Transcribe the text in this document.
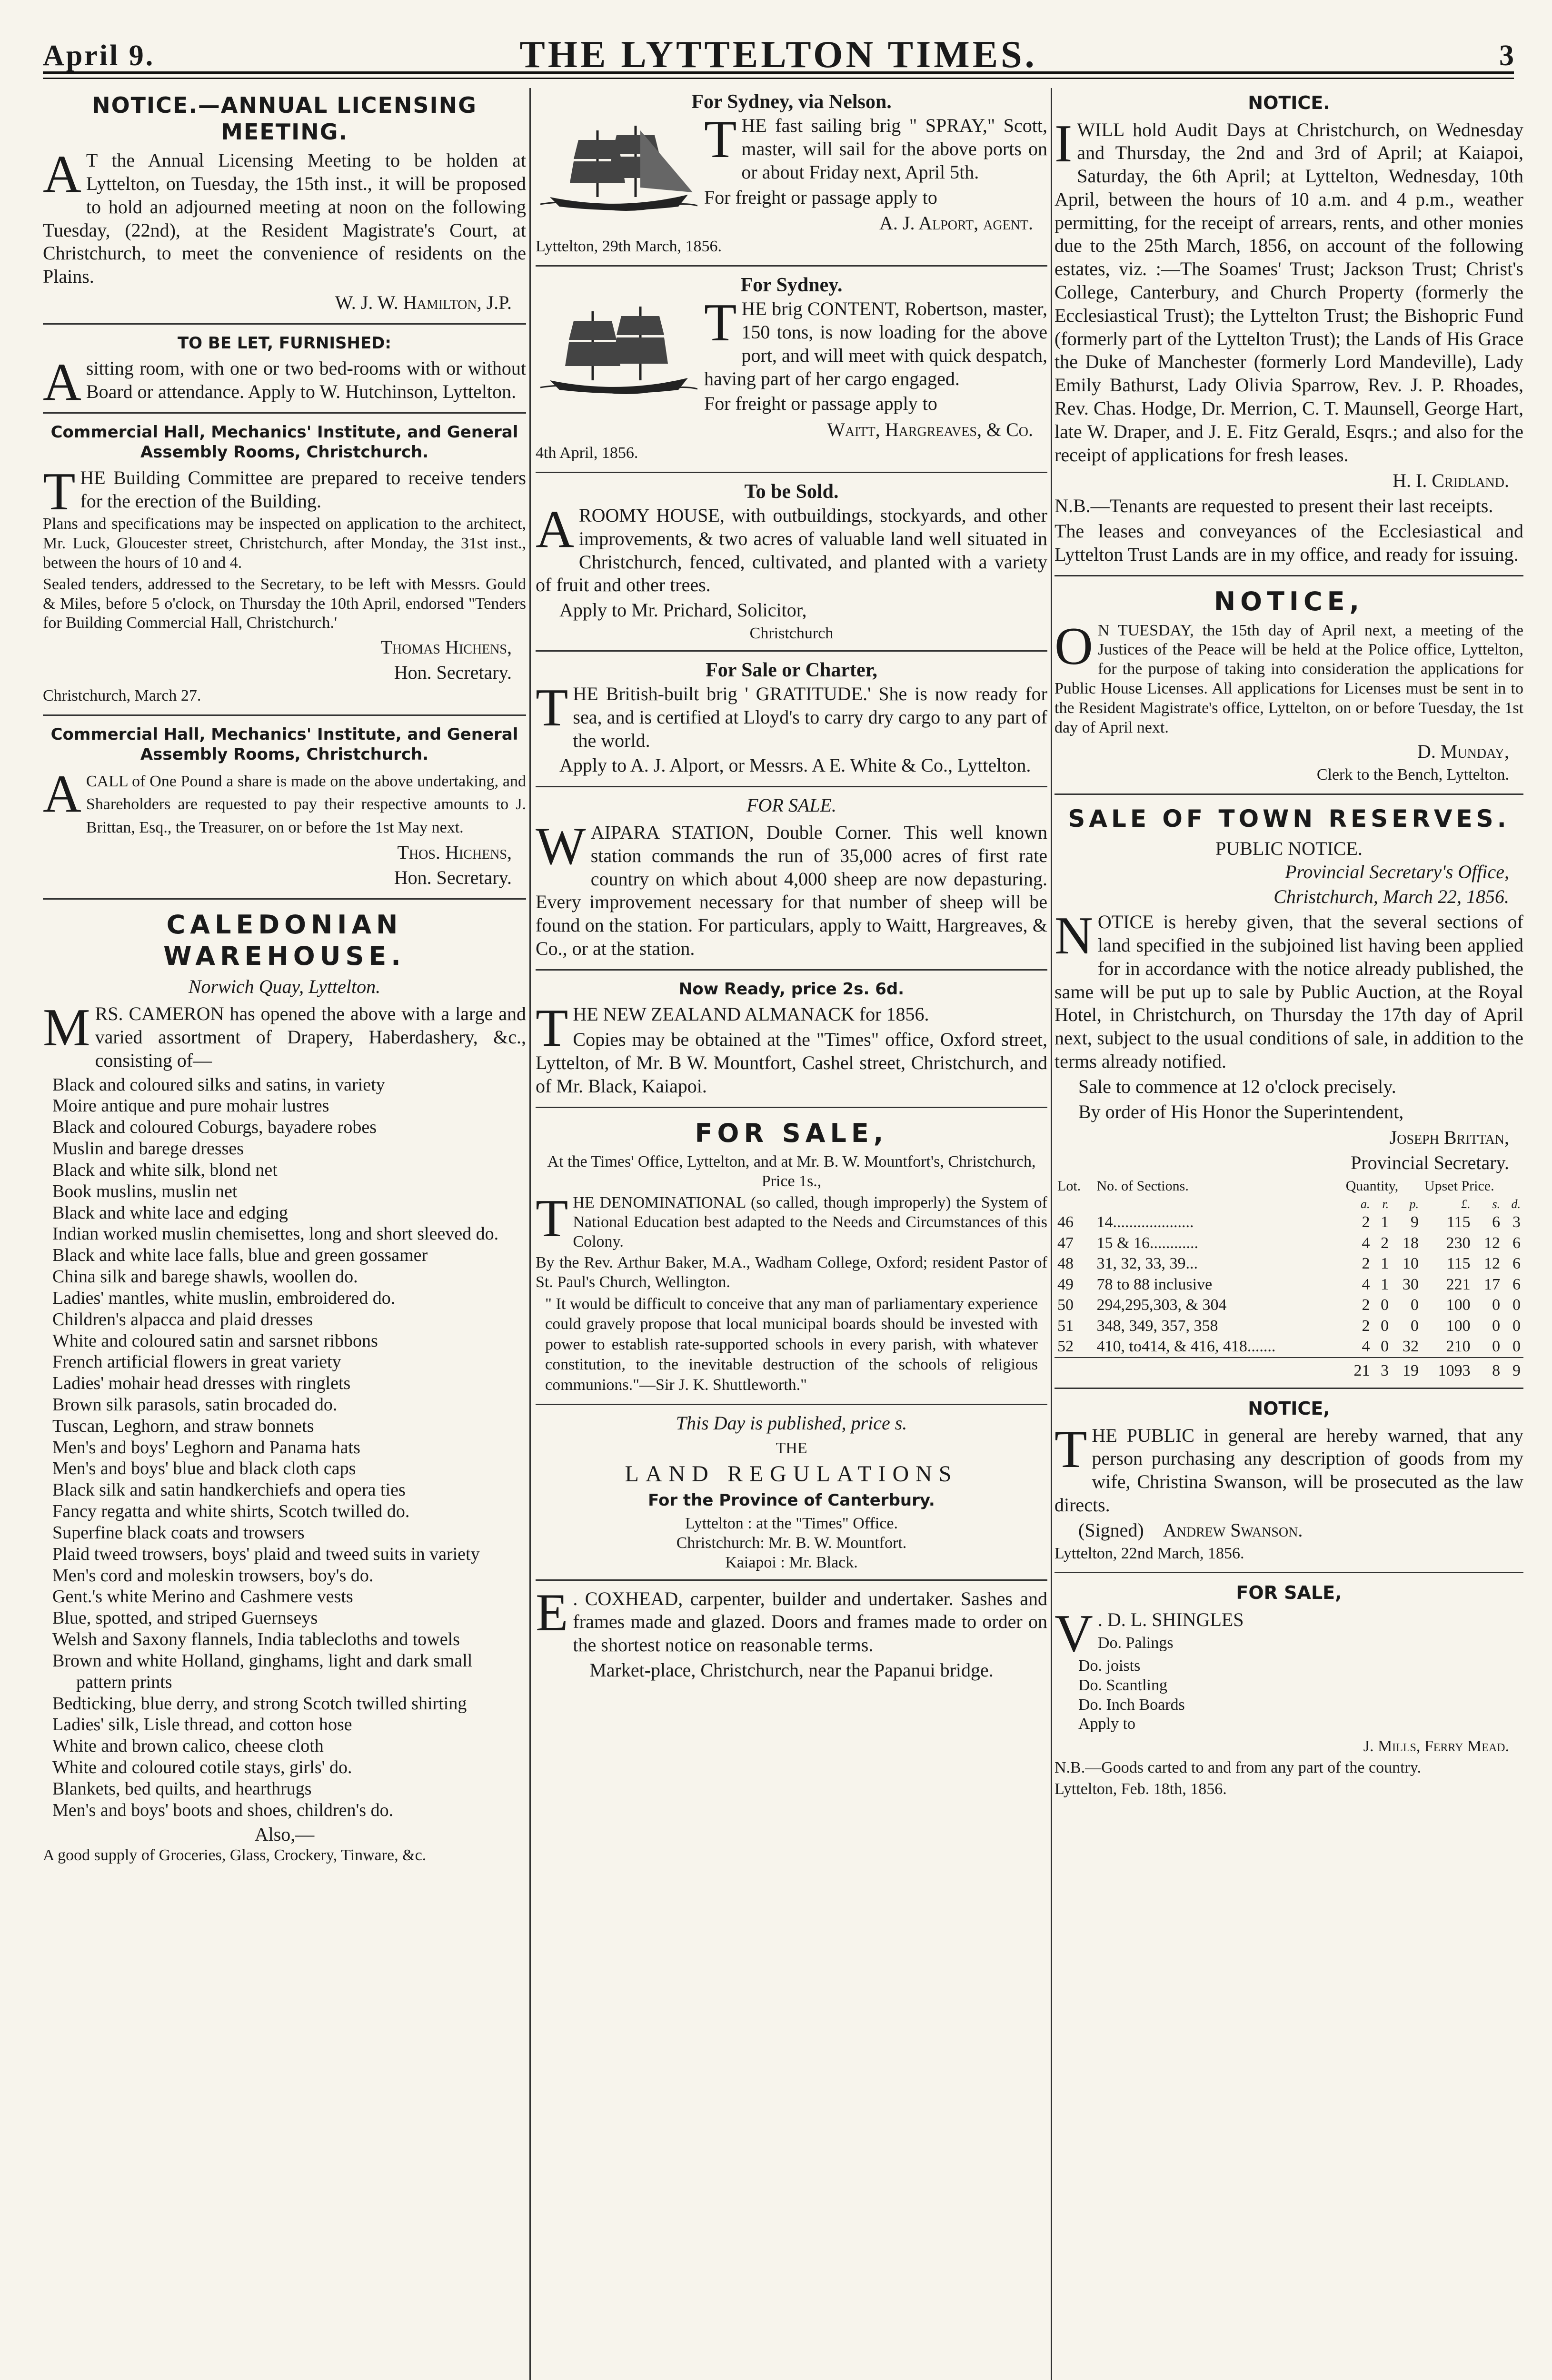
April 9.	THE LYTTELTON TIMES.	3
NOTICE.—ANNUAL LICENSING MEETING.

A T the Annual Licensing Meeting to be holden at Lyttelton, on Tuesday, the 15th inst., it will be proposed to hold an adjourned meeting at noon on the following Tuesday, (22nd), at the Resident Magistrate's Court, at Christchurch, to meet the convenience of residents on the Plains.

W. J. W. Hamilton, J.P.
TO BE LET, FURNISHED:

Asitting room, with one or two bed-rooms with or without Board or attendance. Apply to W. Hutchinson, Lyttelton.

Commercial Hall, Mechanics' Institute, and General Assembly Rooms, Christchurch.

THE Building Committee are prepared to receive tenders for the erection of the Building.

Plans and specifications may be inspected on application to the architect, Mr. Luck, Gloucester street, Christchurch, after Monday, the 31st inst., between the hours of 10 and 4.

Sealed tenders, addressed to the Secretary, to be left with Messrs. Gould & Miles, before 5 o'clock, on Thursday the 10th April, endorsed "Tenders for Building Commercial Hall, Christchurch.'

Thomas Hichens,
Hon. Secretary.

Christchurch, March 27.

Commercial Hall, Mechanics' Institute, and General Assembly Rooms, Christchurch.

ACALL of One Pound a share is made on the above undertaking, and Shareholders are requested to pay their respective amounts to J. Brittan, Esq., the Treasurer, on or before the 1st May next.

Thos. Hichens,
Hon. Secretary.
CALEDONIAN WAREHOUSE.
Norwich Quay, Lyttelton.

MRS. CAMERON has opened the above with a large and varied assortment of Drapery, Haberdashery, &c., consisting of—

Black and coloured silks and satins, in variety
Moire antique and pure mohair lustres
Black and coloured Coburgs, bayadere robes
Muslin and barege dresses
Black and white silk, blond net
Book muslins, muslin net
Black and white lace and edging
Indian worked muslin chemisettes, long and short sleeved do.
Black and white lace falls, blue and green gossamer
China silk and barege shawls, woollen do.
Ladies' mantles, white muslin, embroidered do.
Children's alpacca and plaid dresses
White and coloured satin and sarsnet ribbons
French artificial flowers in great variety
Ladies' mohair head dresses with ringlets
Brown silk parasols, satin brocaded do.
Tuscan, Leghorn, and straw bonnets
Men's and boys' Leghorn and Panama hats
Men's and boys' blue and black cloth caps
Black silk and satin handkerchiefs and opera ties
Fancy regatta and white shirts, Scotch twilled do.
Superfine black coats and trowsers
Plaid tweed trowsers, boys' plaid and tweed suits in variety
Men's cord and moleskin trowsers, boy's do.
Gent.'s white Merino and Cashmere vests
Blue, spotted, and striped Guernseys
Welsh and Saxony flannels, India tablecloths and towels
Brown and white Holland, ginghams, light and dark small pattern prints
Bedticking, blue derry, and strong Scotch twilled shirting
Ladies' silk, Lisle thread, and cotton hose
White and brown calico, cheese cloth
White and coloured cotile stays, girls' do.
Blankets, bed quilts, and hearthrugs
Men's and boys' boots and shoes, children's do.
Also,—

A good supply of Groceries, Glass, Crockery, Tinware, &c.

For Sydney, via Nelson.

THE fast sailing brig " SPRAY," Scott, master, will sail for the above ports on or about Friday next, April 5th.

For freight or passage apply to

A. J. Alport, agent.

Lyttelton, 29th March, 1856.

For Sydney.

THE brig CONTENT, Robertson, master, 150 tons, is now loading for the above port, and will meet with quick despatch, having part of her cargo engaged.

For freight or passage apply to

Waitt, Hargreaves, & Co.

4th April, 1856.

To be Sold.

AROOMY HOUSE, with outbuildings, stockyards, and other improvements, & two acres of valuable land well situated in Christchurch, fenced, cultivated, and planted with a variety of fruit and other trees.

Apply to Mr. Prichard, Solicitor,

Christchurch
For Sale or Charter,

THE British-built brig ' GRATITUDE.' She is now ready for sea, and is certified at Lloyd's to carry dry cargo to any part of the world.

Apply to A. J. Alport, or Messrs. A E. White & Co., Lyttelton.

FOR SALE.

WAIPARA STATION, Double Corner. This well known station commands the run of 35,000 acres of first rate country on which about 4,000 sheep are now depasturing. Every improvement necessary for that number of sheep will be found on the station. For particulars, apply to Waitt, Hargreaves, & Co., or at the station.

Now Ready, price 2s. 6d.

THE NEW ZEALAND ALMANACK for 1856.

Copies may be obtained at the "Times" office, Oxford street, Lyttelton, of Mr. B W. Mountfort, Cashel street, Christchurch, and of Mr. Black, Kaiapoi.

FOR SALE,

At the Times' Office, Lyttelton, and at Mr. B. W. Mountfort's, Christchurch, Price 1s.,

THE DENOMINATIONAL (so called, though improperly) the System of National Education best adapted to the Needs and Circumstances of this Colony.

By the Rev. Arthur Baker, M.A., Wadham College, Oxford; resident Pastor of St. Paul's Church, Wellington.

" It would be difficult to conceive that any man of parliamentary experience could gravely propose that local municipal boards should be invested with power to establish rate-supported schools in every parish, with whatever constitution, to the inevitable destruction of the schools of religious communions."—Sir J. K. Shuttleworth."

This Day is published, price s.
THE
LAND REGULATIONS
For the Province of Canterbury.
Lyttelton : at the "Times" Office.
Christchurch: Mr. B. W. Mountfort.
Kaiapoi : Mr. Black.

E . COXHEAD, carpenter, builder and undertaker. Sashes and frames made and glazed. Doors and frames made to order on the shortest notice on reasonable terms.

Market-place, Christchurch, near the Papanui bridge.

NOTICE.

IWILL hold Audit Days at Christchurch, on Wednesday and Thursday, the 2nd and 3rd of April; at Kaiapoi, Saturday, the 6th April; at Lyttelton, Wednesday, 10th April, between the hours of 10 a.m. and 4 p.m., weather permitting, for the receipt of arrears, rents, and other monies due to the 25th March, 1856, on account of the following estates, viz. :—The Soames' Trust; Jackson Trust; Christ's College, Canterbury, and Church Property (formerly the Ecclesiastical Trust); the Lyttelton Trust; the Bishopric Fund (formerly part of the Lyttelton Trust); the Lands of His Grace the Duke of Manchester (formerly Lord Mandeville), Lady Emily Bathurst, Lady Olivia Sparrow, Rev. J. P. Rhoades, Rev. Chas. Hodge, Dr. Merrion, C. T. Maunsell, George Hart, late W. Draper, and J. E. Fitz Gerald, Esqrs.; and also for the receipt of applications for fresh leases.

H. I. Cridland.

N.B.—Tenants are requested to present their last receipts.

The leases and conveyances of the Ecclesiastical and Lyttelton Trust Lands are in my office, and ready for issuing.

NOTICE,

O N TUESDAY, the 15th day of April next, a meeting of the Justices of the Peace will be held at the Police office, Lyttelton, for the purpose of taking into consideration the applications for Public House Licenses. All applications for Licenses must be sent in to the Resident Magistrate's office, Lyttelton, on or before Tuesday, the 1st day of April next.

D. Munday,
Clerk to the Bench, Lyttelton.
SALE OF TOWN RESERVES.
PUBLIC NOTICE.
Provincial Secretary's Office,
Christchurch, March 22, 1856.

NOTICE is hereby given, that the several sections of land specified in the subjoined list having been applied for in accordance with the notice already published, the same will be put up to sale by Public Auction, at the Royal Hotel, in Christchurch, on Thursday the 17th day of April next, subject to the usual conditions of sale, in addition to the terms already notified.

Sale to commence at 12 o'clock precisely.

By order of His Honor the Superintendent,

Joseph Brittan,
Provincial Secretary.
Lot.	No. of Sections.	Quantity,			Upset Price.		
		a.	r.	p.	£.	s.	d.
46	14....................	2	1	9	115	6	3
47	15 & 16............	4	2	18	230	12	6
48	31, 32, 33, 39...	2	1	10	115	12	6
49	78 to 88 inclusive	4	1	30	221	17	6
50	294,295,303, & 304	2	0	0	100	0	0
51	348, 349, 357, 358	2	0	0	100	0	0
52	410, to414, & 416, 418.......	4	0	32	210	0	0
		21	3	19	1093	8	9
NOTICE,

THE PUBLIC in general are hereby warned, that any person purchasing any description of goods from my wife, Christina Swanson, will be prosecuted as the law directs.

(Signed) Andrew Swanson.

Lyttelton, 22nd March, 1856.

FOR SALE,

V . D. L. SHINGLES

Do. Palings
Do. joists
Do. Scantling
Do. Inch Boards
Apply to
J. Mills, Ferry Mead.

N.B.—Goods carted to and from any part of the country.

Lyttelton, Feb. 18th, 1856.
